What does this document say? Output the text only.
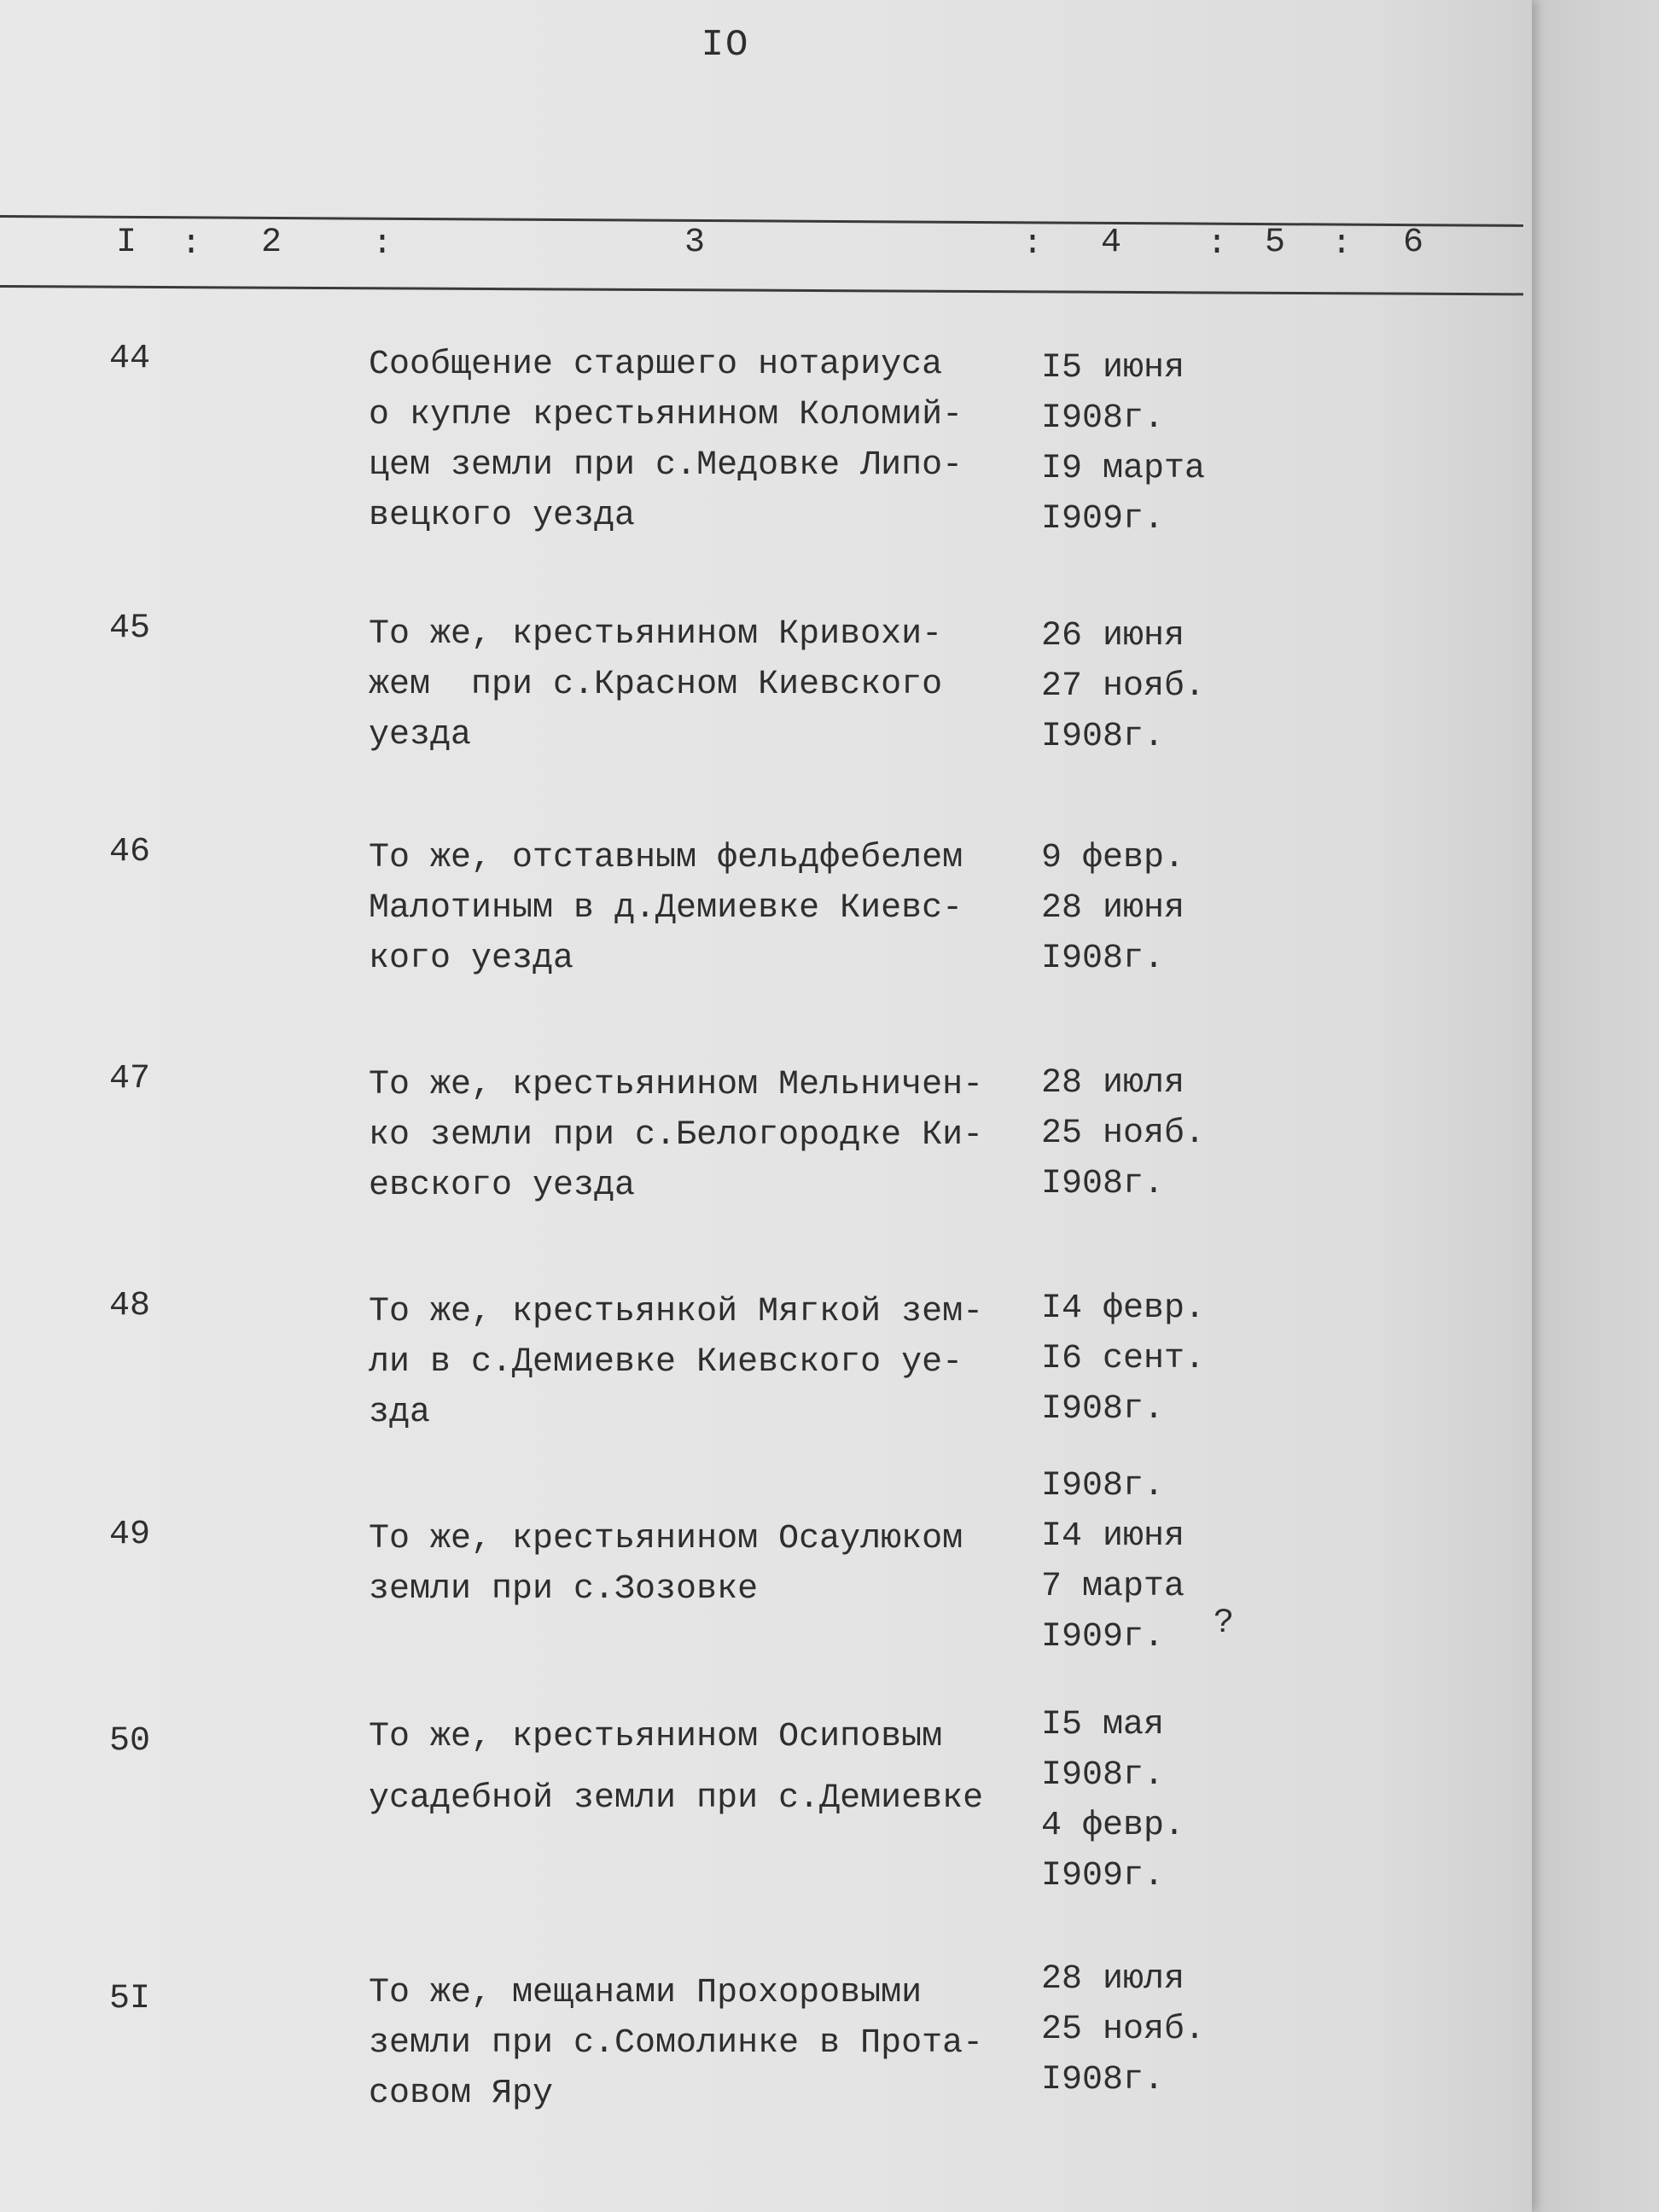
IO
I : 2	:	3	: 4 : 5 : 6

44	Сообщение старшего нотариуса
о купле крестьянином Коломий-
цем земли при с.Медовке Липо-
вецкого уезда
I5 июня
I908г.
I9 марта
I909г.
45	То же, крестьянином Кривохи-
жем  при с.Красном Киевского
уезда
26 июня
27 нояб.
I908г.
46	То же, отставным фельдфебелем
Малотиным в д.Демиевке Киевс-
кого уезда
9 февр.
28 июня
I908г.
47	То же, крестьянином Мельничен-
ко земли при с.Белогородке Ки-
евского уезда
28 июля
25 нояб.
I908г.
48	То же, крестьянкой Мягкой зем-
ли в с.Демиевке Киевского уе-
зда
I4 февр.
I6 сент.
I908г.
49	То же, крестьянином Осаулюком
земли при с.Зозовке
I908г.
I4 июня
7 марта
I909г.	?
50	То же, крестьянином Осиповым
усадебной земли при с.Демиевке
I5 мая
I908г.
4 февр.
I909г.
5I	То же, мещанами Прохоровыми
земли при с.Сомолинке в Прота-
совом Яру
28 июля
25 нояб.
I908г.
